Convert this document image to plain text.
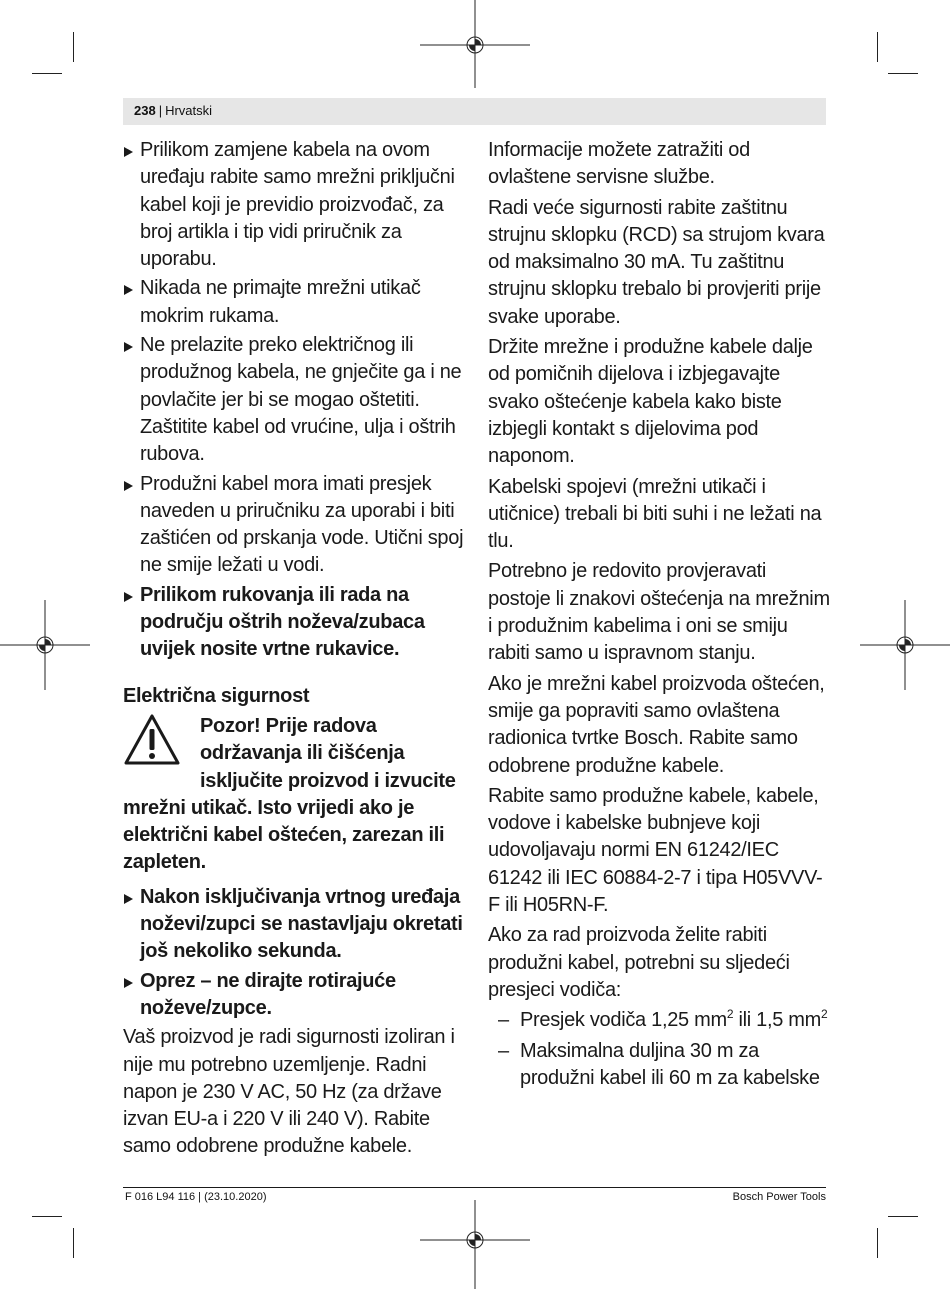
238 | Hrvatski
Prilikom zamjene kabela na ovom uređaju rabite samo mrežni priključni kabel koji je previdio proizvođač, za broj artikla i tip vidi priručnik za uporabu.
Nikada ne primajte mrežni utikač mokrim rukama.
Ne prelazite preko električnog ili produžnog kabela, ne gnječite ga i ne povlačite jer bi se mogao oštetiti. Zaštitite kabel od vrućine, ulja i oštrih rubova.
Produžni kabel mora imati presjek naveden u priručniku za uporabi i biti zaštićen od prskanja vode. Utični spoj ne smije ležati u vodi.
Prilikom rukovanja ili rada na području oštrih noževa/zubaca uvijek nosite vrtne rukavice.
Električna sigurnost
Pozor! Prije radova
održavanja ili čišćenja
isključite proizvod i izvucite
mrežni utikač. Isto vrijedi ako je električni kabel oštećen, zarezan ili zapleten.
Nakon isključivanja vrtnog uređaja noževi/zupci se nastavljaju okretati još nekoliko sekunda.
Oprez – ne dirajte rotirajuće noževe/zupce.
Vaš proizvod je radi sigurnosti izoliran i nije mu potrebno uzemljenje. Radni napon je 230 V AC, 50 Hz (za države izvan EU-a i 220 V ili 240 V). Rabite samo odobrene produžne kabele.
Informacije možete zatražiti od ovlaštene servisne službe.
Radi veće sigurnosti rabite zaštitnu strujnu sklopku (RCD) sa strujom kvara od maksimalno 30 mA. Tu zaštitnu strujnu sklopku trebalo bi provjeriti prije svake uporabe.
Držite mrežne i produžne kabele dalje od pomičnih dijelova i izbjegavajte svako oštećenje kabela kako biste izbjegli kontakt s dijelovima pod naponom.
Kabelski spojevi (mrežni utikači i utičnice) trebali bi biti suhi i ne ležati na tlu.
Potrebno je redovito provjeravati postoje li znakovi oštećenja na mrežnim i produžnim kabelima i oni se smiju rabiti samo u ispravnom stanju.
Ako je mrežni kabel proizvoda oštećen, smije ga popraviti samo ovlaštena radionica tvrtke Bosch. Rabite samo odobrene produžne kabele.
Rabite samo produžne kabele, kabele, vodove i kabelske bubnjeve koji udovoljavaju normi EN 61242/IEC 61242 ili IEC 60884-2-7 i tipa H05VVV-F ili H05RN-F.
Ako za rad proizvoda želite rabiti produžni kabel, potrebni su sljedeći presjeci vodiča:
– Presjek vodiča 1,25 $mm^2$ ili 1,5 $mm^2$
– Maksimalna duljina 30 m za produžni kabel ili 60 m za kabelske
F 016 L94 116 | (23.10.2020)	Bosch Power Tools
